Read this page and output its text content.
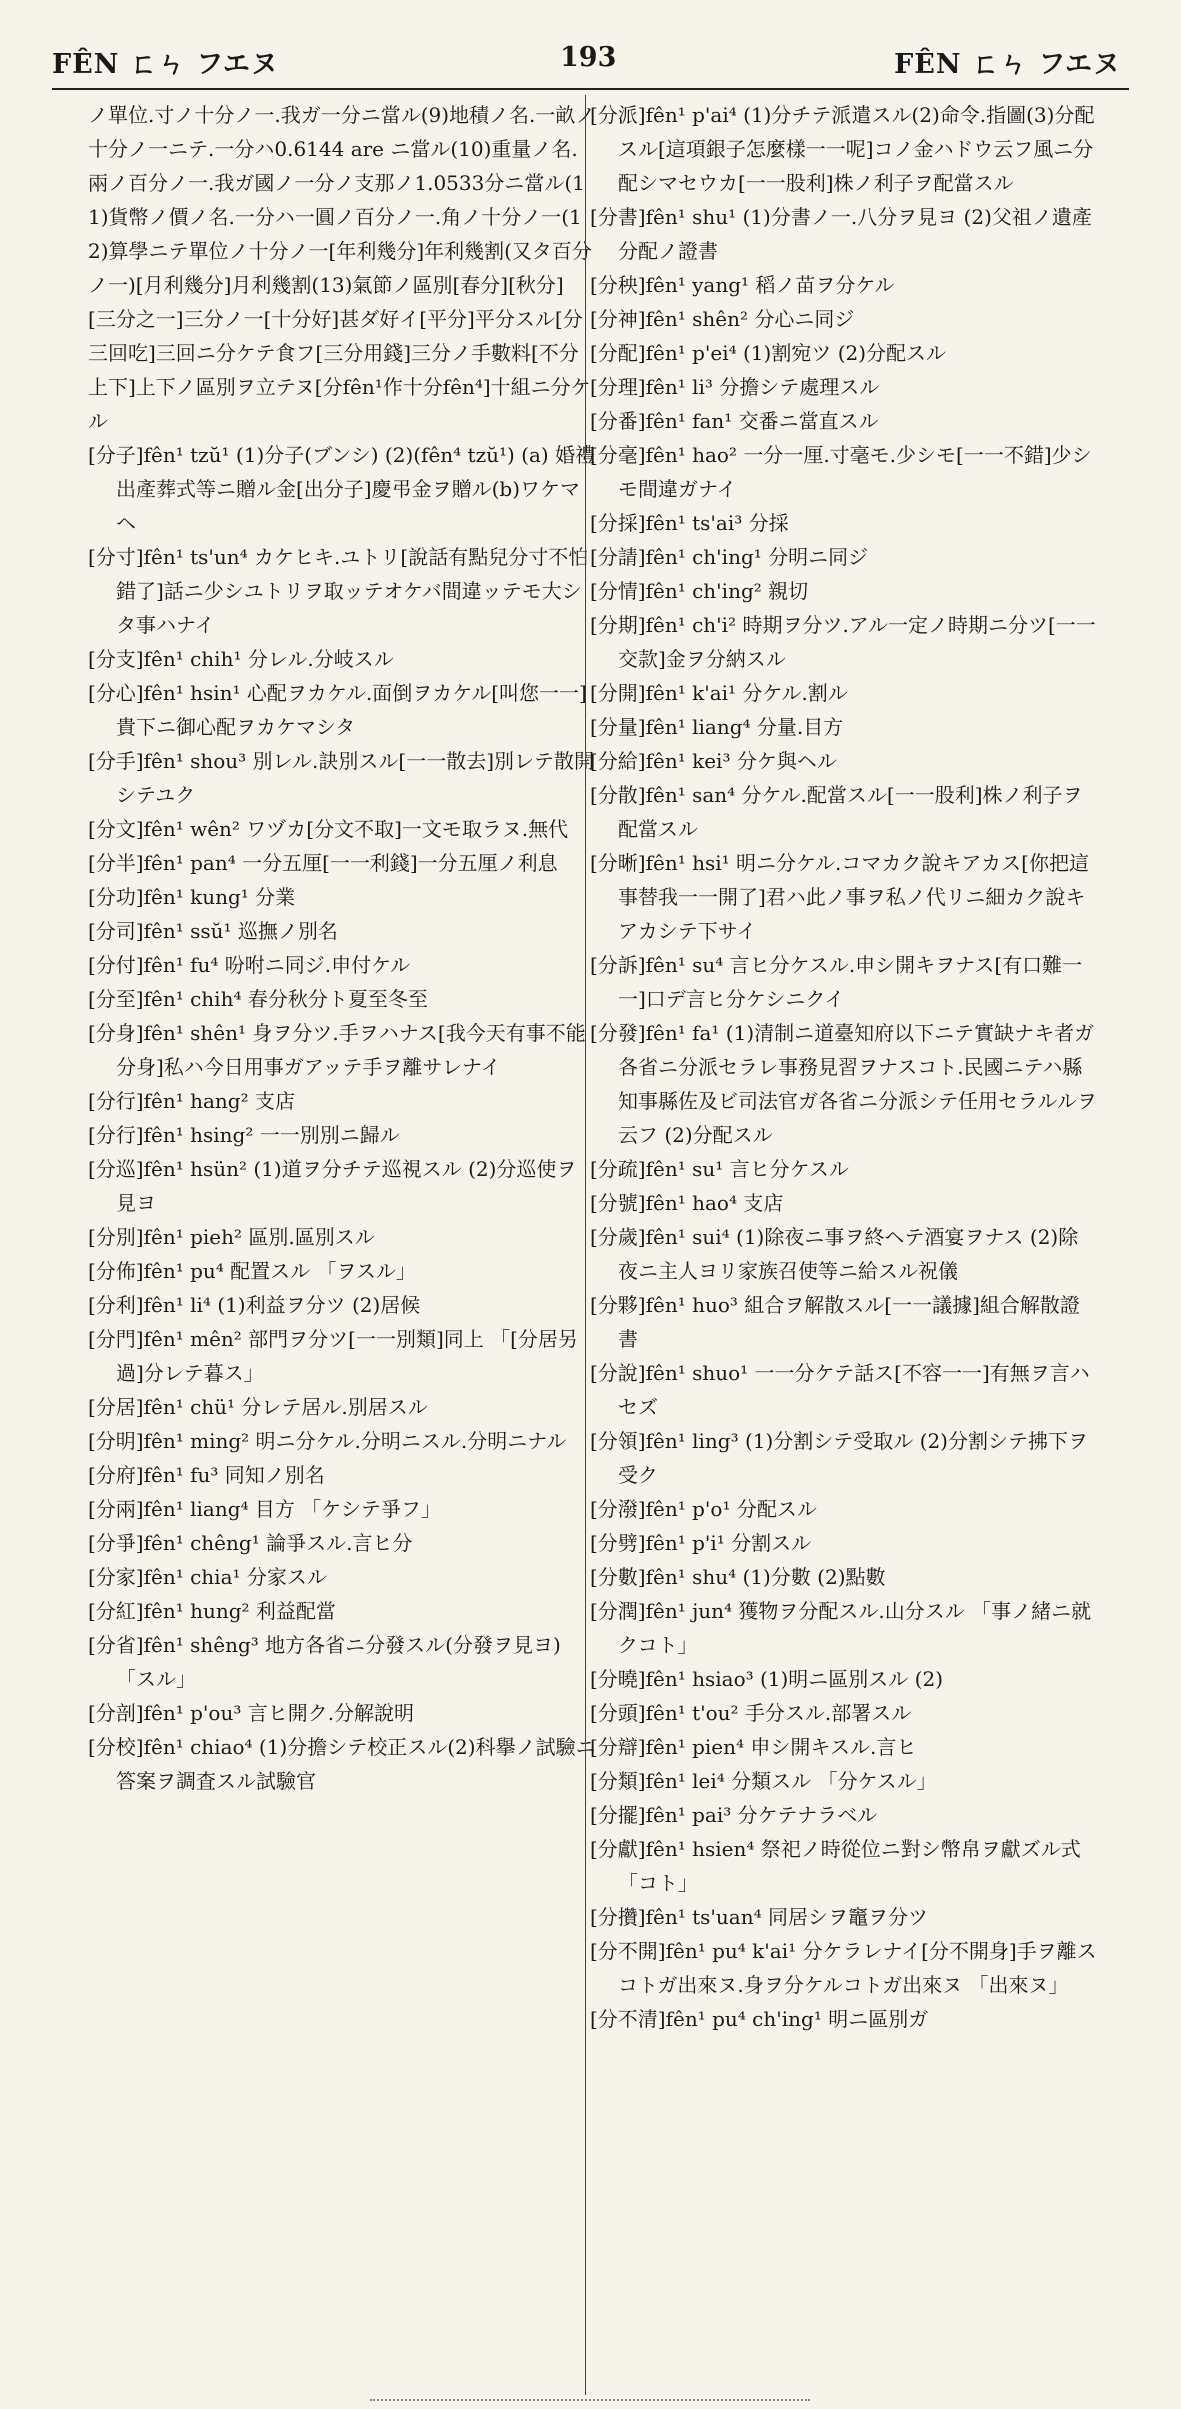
FÊN ㄈㄣ フエヌ	193	FÊN ㄈㄣ フエヌ

ノ單位.寸ノ十分ノ一.我ガ一分ニ當ル(9)地積ノ名.一畝ノ十分ノ一ニテ.一分ハ0.6144 are ニ當ル(10)重量ノ名.兩ノ百分ノ一.我ガ國ノ一分ノ支那ノ1.0533分ニ當ル(11)貨幣ノ價ノ名.一分ハ一圓ノ百分ノ一.角ノ十分ノ一(12)算學ニテ單位ノ十分ノ一[年利幾分]年利幾割(又タ百分ノ一)[月利幾分]月利幾割(13)氣節ノ區別[春分][秋分] [三分之一]三分ノ一[十分好]甚ダ好イ[平分]平分スル[分三回吃]三回ニ分ケテ食フ[三分用錢]三分ノ手數料[不分上下]上下ノ區別ヲ立テヌ[分fên¹作十分fên⁴]十組ニ分ケル

[分子]fên¹ tzŭ¹ (1)分子(ブンシ) (2)(fên⁴ tzŭ¹) (a) 婚禮出產葬式等ニ贈ル金[出分子]慶弔金ヲ贈ル(b)ワケマヘ

[分寸]fên¹ ts'un⁴ カケヒキ.ユトリ[說話有點兒分寸不怕錯了]話ニ少シユトリヲ取ッテオケバ間違ッテモ大シタ事ハナイ

[分支]fên¹ chih¹ 分レル.分岐スル

[分心]fên¹ hsin¹ 心配ヲカケル.面倒ヲカケル[叫您一一]貴下ニ御心配ヲカケマシタ

[分手]fên¹ shou³ 別レル.訣別スル[一一散去]別レテ散開シテユク

[分文]fên¹ wên² ワヅカ[分文不取]一文モ取ラヌ.無代

[分半]fên¹ pan⁴ 一分五厘[一一利錢]一分五厘ノ利息

[分功]fên¹ kung¹ 分業

[分司]fên¹ ssŭ¹ 巡撫ノ別名

[分付]fên¹ fu⁴ 吩咐ニ同ジ.申付ケル

[分至]fên¹ chih⁴ 春分秋分ト夏至冬至

[分身]fên¹ shên¹ 身ヲ分ツ.手ヲハナス[我今天有事不能分身]私ハ今日用事ガアッテ手ヲ離サレナイ

[分行]fên¹ hang² 支店

[分行]fên¹ hsing² 一一別別ニ歸ル

[分巡]fên¹ hsün² (1)道ヲ分チテ巡視スル (2)分巡使ヲ見ヨ

[分別]fên¹ pieh² 區別.區別スル

[分佈]fên¹ pu⁴ 配置スル 「ヲスル」

[分利]fên¹ li⁴ (1)利益ヲ分ツ (2)居候

[分門]fên¹ mên² 部門ヲ分ツ[一一別類]同上 「[分居另過]分レテ暮ス」

[分居]fên¹ chü¹ 分レテ居ル.別居スル

[分明]fên¹ ming² 明ニ分ケル.分明ニスル.分明ニナル

[分府]fên¹ fu³ 同知ノ別名

[分兩]fên¹ liang⁴ 目方 「ケシテ爭フ」

[分爭]fên¹ chêng¹ 論爭スル.言ヒ分

[分家]fên¹ chia¹ 分家スル

[分紅]fên¹ hung² 利益配當

[分省]fên¹ shêng³ 地方各省ニ分發スル(分發ヲ見ヨ) 「スル」

[分剖]fên¹ p'ou³ 言ヒ開ク.分解說明

[分校]fên¹ chiao⁴ (1)分擔シテ校正スル(2)科擧ノ試驗ニ答案ヲ調査スル試驗官

[分派]fên¹ p'ai⁴ (1)分チテ派遣スル(2)命令.指圖(3)分配スル[這項銀子怎麼樣一一呢]コノ金ハドウ云フ風ニ分配シマセウカ[一一股利]株ノ利子ヲ配當スル

[分書]fên¹ shu¹ (1)分書ノ一.八分ヲ見ヨ (2)父祖ノ遺產分配ノ證書

[分秧]fên¹ yang¹ 稻ノ苗ヲ分ケル

[分神]fên¹ shên² 分心ニ同ジ

[分配]fên¹ p'ei⁴ (1)割宛ツ (2)分配スル

[分理]fên¹ li³ 分擔シテ處理スル

[分番]fên¹ fan¹ 交番ニ當直スル

[分毫]fên¹ hao² 一分一厘.寸毫モ.少シモ[一一不錯]少シモ間違ガナイ

[分採]fên¹ ts'ai³ 分採

[分請]fên¹ ch'ing¹ 分明ニ同ジ

[分情]fên¹ ch'ing² 親切

[分期]fên¹ ch'i² 時期ヲ分ツ.アル一定ノ時期ニ分ツ[一一交款]金ヲ分納スル

[分開]fên¹ k'ai¹ 分ケル.割ル

[分量]fên¹ liang⁴ 分量.目方

[分給]fên¹ kei³ 分ケ與ヘル

[分散]fên¹ san⁴ 分ケル.配當スル[一一股利]株ノ利子ヲ配當スル

[分晰]fên¹ hsi¹ 明ニ分ケル.コマカク說キアカス[你把這事替我一一開了]君ハ此ノ事ヲ私ノ代リニ細カク說キアカシテ下サイ

[分訴]fên¹ su⁴ 言ヒ分ケスル.申シ開キヲナス[有口難一一]口デ言ヒ分ケシニクイ

[分發]fên¹ fa¹ (1)清制ニ道臺知府以下ニテ實缺ナキ者ガ各省ニ分派セラレ事務見習ヲナスコト.民國ニテハ縣知事縣佐及ビ司法官ガ各省ニ分派シテ任用セラルルヲ云フ (2)分配スル

[分疏]fên¹ su¹ 言ヒ分ケスル

[分號]fên¹ hao⁴ 支店

[分歲]fên¹ sui⁴ (1)除夜ニ事ヲ終ヘテ酒宴ヲナス (2)除夜ニ主人ヨリ家族召使等ニ給スル祝儀

[分夥]fên¹ huo³ 組合ヲ解散スル[一一議據]組合解散證書

[分說]fên¹ shuo¹ 一一分ケテ話ス[不容一一]有無ヲ言ハセズ

[分領]fên¹ ling³ (1)分割シテ受取ル (2)分割シテ拂下ヲ受ク

[分潑]fên¹ p'o¹ 分配スル

[分劈]fên¹ p'i¹ 分割スル

[分數]fên¹ shu⁴ (1)分數 (2)點數

[分潤]fên¹ jun⁴ 獲物ヲ分配スル.山分スル 「事ノ緒ニ就クコト」

[分曉]fên¹ hsiao³ (1)明ニ區別スル (2)

[分頭]fên¹ t'ou² 手分スル.部署スル

[分辯]fên¹ pien⁴ 申シ開キスル.言ヒ

[分類]fên¹ lei⁴ 分類スル 「分ケスル」

[分擺]fên¹ pai³ 分ケテナラベル

[分獻]fên¹ hsien⁴ 祭祀ノ時從位ニ對シ幣帛ヲ獻ズル式 「コト」

[分攢]fên¹ ts'uan⁴ 同居シヲ竈ヲ分ツ

[分不開]fên¹ pu⁴ k'ai¹ 分ケラレナイ[分不開身]手ヲ離スコトガ出來ヌ.身ヲ分ケルコトガ出來ヌ 「出來ヌ」

[分不清]fên¹ pu⁴ ch'ing¹ 明ニ區別ガ
